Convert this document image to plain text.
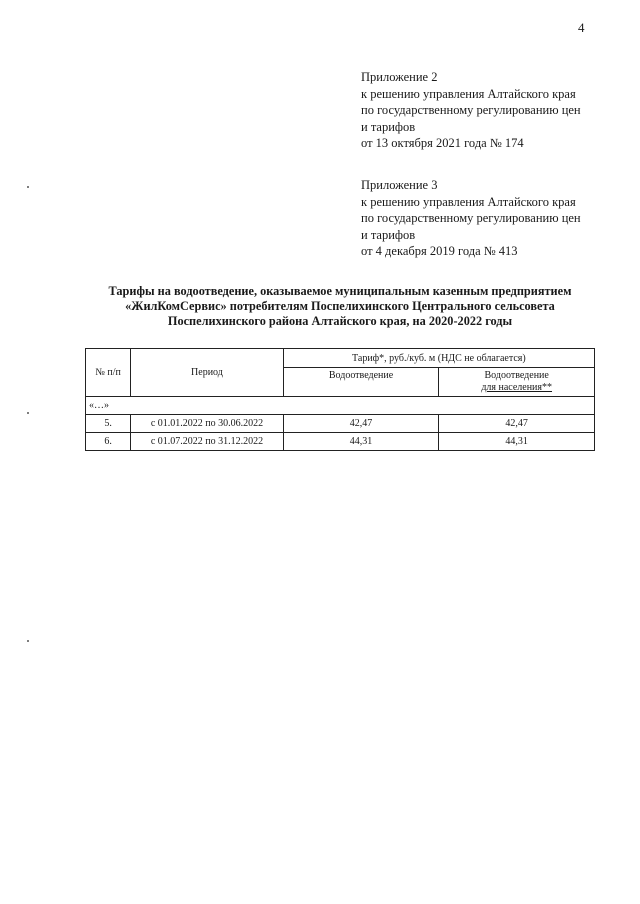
4
Приложение 2
к решению управления Алтайского края
по государственному регулированию цен
и тарифов
от 13 октября 2021 года № 174
Приложение 3
к решению управления Алтайского края
по государственному регулированию цен
и тарифов
от 4 декабря 2019 года № 413
Тарифы на водоотведение, оказываемое муниципальным казенным предприятием
«ЖилКомСервис» потребителям Поспелихинского Центрального сельсовета
Поспелихинского района Алтайского края, на 2020-2022 годы
№ п/п	Период	Тариф*, руб./куб. м (НДС не облагается)	

		Водоотведение	Водоотведение
для населения**

«…»			
5.	с 01.01.2022 по 30.06.2022	42,47	42,47
6.	с 01.07.2022 по 31.12.2022	44,31	44,31
